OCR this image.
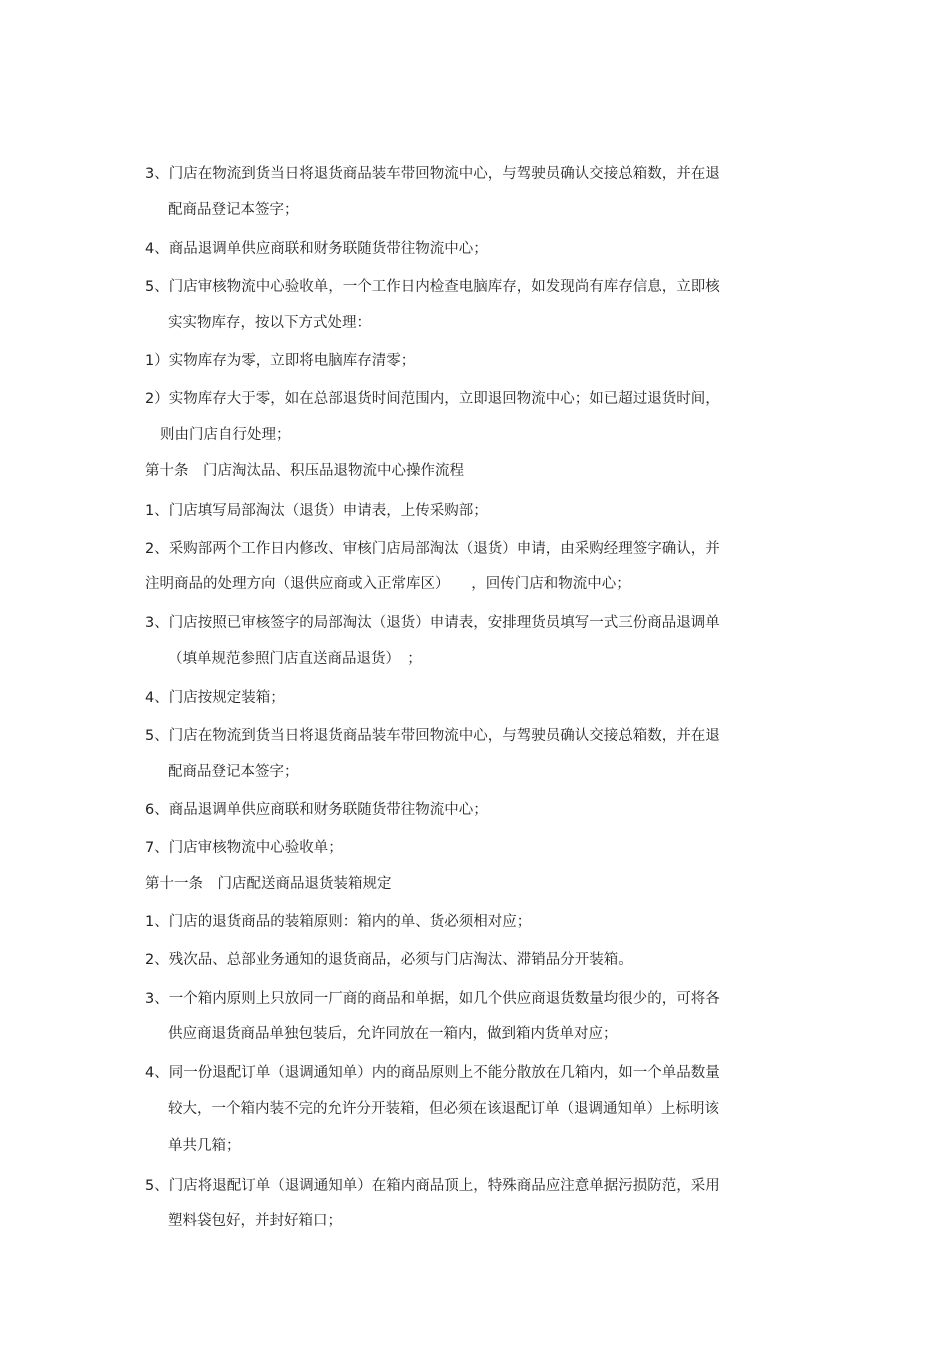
3、门店在物流到货当日将退货商品装车带回物流中心，与驾驶员确认交接总箱数，并在退
配商品登记本签字；
4、商品退调单供应商联和财务联随货带往物流中心；
5、门店审核物流中心验收单，一个工作日内检查电脑库存，如发现尚有库存信息，立即核
实实物库存，按以下方式处理：
1）实物库存为零，立即将电脑库存清零；
2）实物库存大于零，如在总部退货时间范围内，立即退回物流中心；如已超过退货时间，
则由门店自行处理；
第十条　门店淘汰品、积压品退物流中心操作流程
1、门店填写局部淘汰（退货）申请表，上传采购部；
2、采购部两个工作日内修改、审核门店局部淘汰（退货）申请，由采购经理签字确认，并
注明商品的处理方向（退供应商或入正常库区）　　，回传门店和物流中心；
3、门店按照已审核签字的局部淘汰（退货）申请表，安排理货员填写一式三份商品退调单
（填单规范参照门店直送商品退货）　；
4、门店按规定装箱；
5、门店在物流到货当日将退货商品装车带回物流中心，与驾驶员确认交接总箱数，并在退
配商品登记本签字；
6、商品退调单供应商联和财务联随货带往物流中心；
7、门店审核物流中心验收单；
第十一条　门店配送商品退货装箱规定
1、门店的退货商品的装箱原则：箱内的单、货必须相对应；
2、残次品、总部业务通知的退货商品，必须与门店淘汰、滞销品分开装箱。
3、一个箱内原则上只放同一厂商的商品和单据，如几个供应商退货数量均很少的，可将各
供应商退货商品单独包装后，允许同放在一箱内，做到箱内货单对应；
4、同一份退配订单（退调通知单）内的商品原则上不能分散放在几箱内，如一个单品数量
较大，一个箱内装不完的允许分开装箱，但必须在该退配订单（退调通知单）上标明该
单共几箱；
5、门店将退配订单（退调通知单）在箱内商品顶上，特殊商品应注意单据污损防范，采用
塑料袋包好，并封好箱口；
